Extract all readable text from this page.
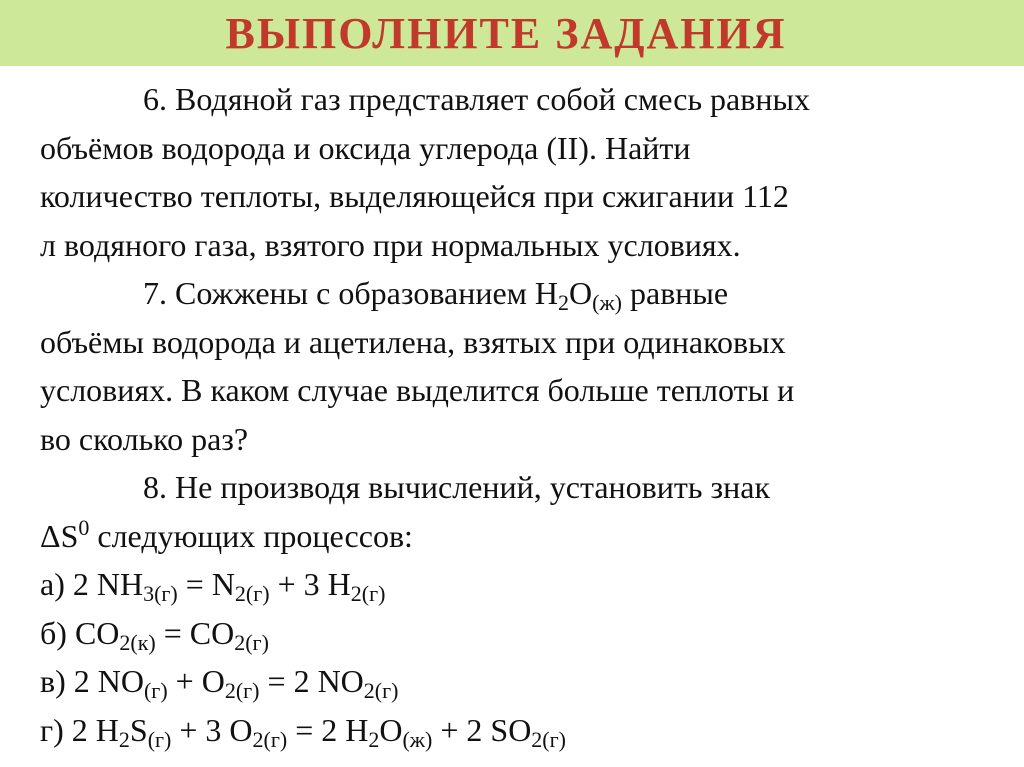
ВЫПОЛНИТЕ ЗАДАНИЯ
6. Водяной газ представляет собой смесь равных
объёмов водорода и оксида углерода (II). Найти
количество теплоты, выделяющейся при сжигании 112
л водяного газа, взятого при нормальных условиях.
7. Сожжены с образованием $H_2O_{(ж)}$ равные
объёмы водорода и ацетилена, взятых при одинаковых
условиях. В каком случае выделится больше теплоты и
во сколько раз?
8. Не производя вычислений, установить знак
$\Delta S^0$ следующих процессов:
а) 2 $NH_{3(г)} = N_{2(г)} + 3$ $H_{2(г)}$
б) $CO_{2(к)} = CO_{2(г)}$
в) 2 $NO_{(г)} + O_{2(г)} = 2$ $NO_{2(г)}$
г) 2 $H_2S_{(г)} + 3$ $O_{2(г)} = 2$ $H_2O_{(ж)} + 2$ $SO_{2(г)}$
